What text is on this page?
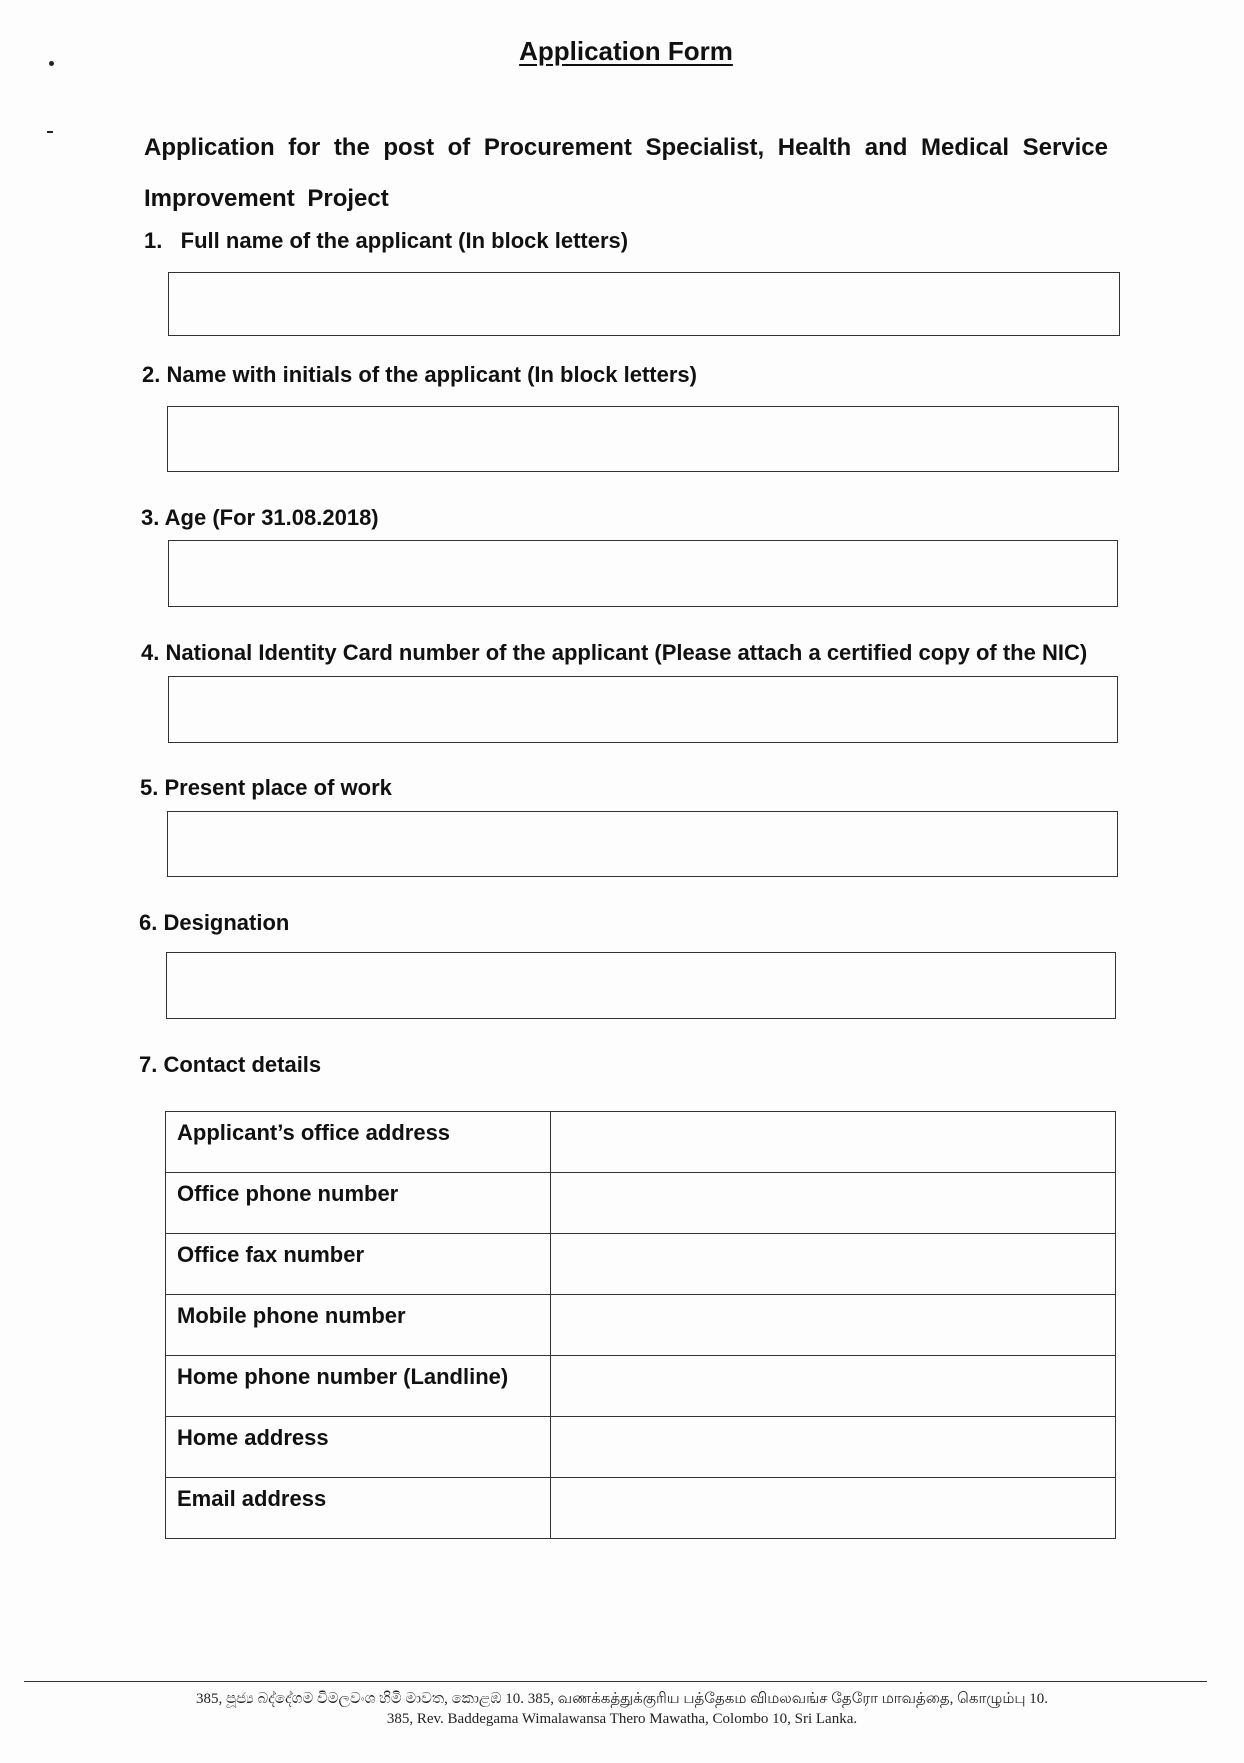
Application Form
Application for the post of Procurement Specialist, Health and Medical Service Improvement Project
1.   Full name of the applicant (In block letters)
2. Name with initials of the applicant (In block letters)
3. Age (For 31.08.2018)
4. National Identity Card number of the applicant (Please attach a certified copy of the NIC)
5. Present place of work
6. Designation
7. Contact details
Applicant’s office address	
Office phone number	
Office fax number	
Mobile phone number	
Home phone number (Landline)	
Home address	
Email address	
385, පූජ්‍ය බද්දේගම විමලවංශ හිමි මාවත, කොළඹ 10. 385, வணக்கத்துக்குரிய பத்தேகம விமலவங்ச தேரோ மாவத்தை, கொழும்பு 10.
385, Rev. Baddegama Wimalawansa Thero Mawatha, Colombo 10, Sri Lanka.
